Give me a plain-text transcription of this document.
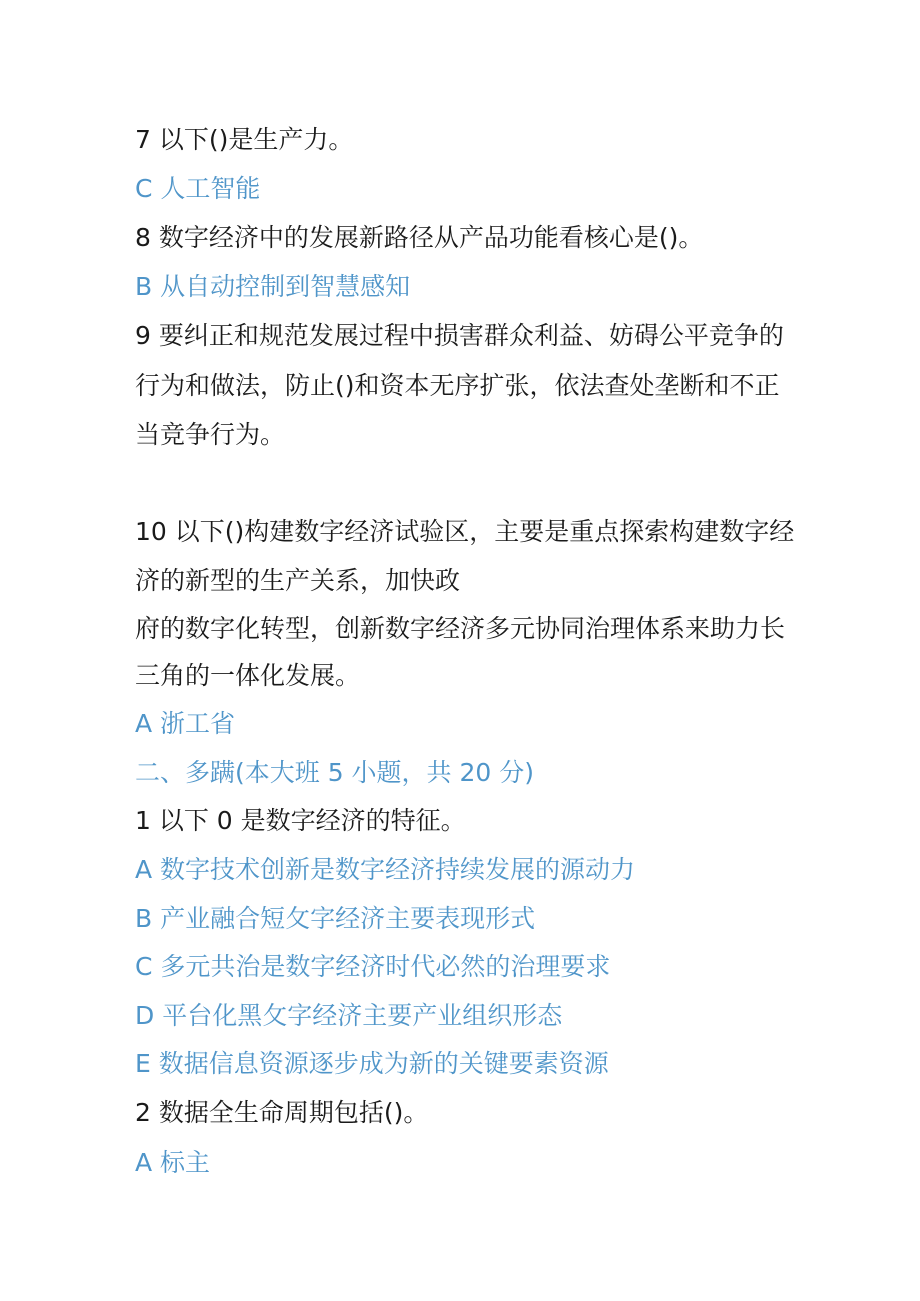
7 以下()是生产力。

C 人工智能

8 数字经济中的发展新路径从产品功能看核心是()。

B 从自动控制到智慧感知

9 要纠正和规范发展过程中损害群众利益、妨碍公平竞争的

行为和做法，防止()和资本无序扩张，依法查处垄断和不正

当竞争行为。

10 以下()构建数字经济试验区，主要是重点探索构建数字经

济的新型的生产关系，加快政

府的数字化转型，创新数字经济多元协同治理体系来助力长

三角的一体化发展。

A 浙工省

二、多蹒(本大班 5 小题，共 20 分)

1 以下 0 是数字经济的特征。

A 数字技术创新是数字经济持续发展的源动力

B 产业融合短攵字经济主要表现形式

C 多元共治是数字经济时代必然的治理要求

D 平台化黑攵字经济主要产业组织形态

E 数据信息资源逐步成为新的关键要素资源

2 数据全生命周期包括()。

A 标主
